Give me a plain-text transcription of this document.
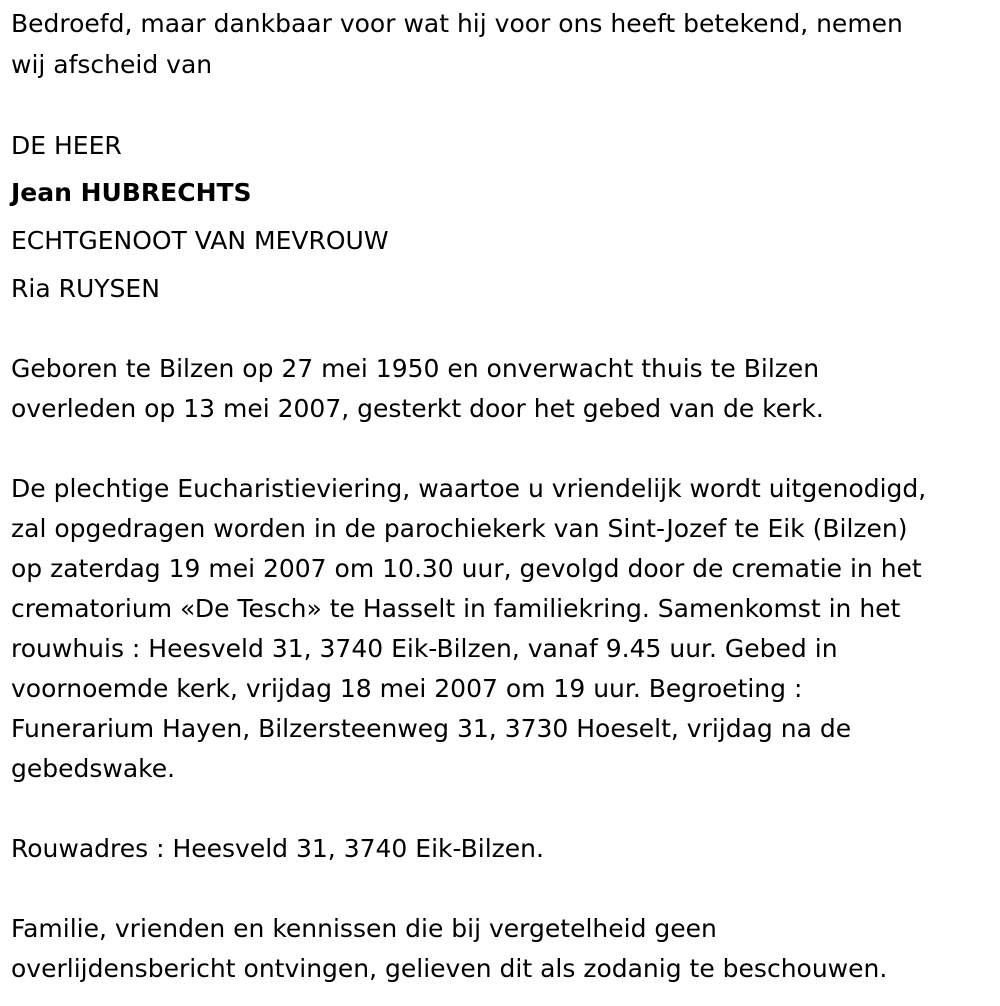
Bedroefd, maar dankbaar voor wat hij voor ons heeft betekend, nemen
wij afscheid van
DE HEER
Jean HUBRECHTS
ECHTGENOOT VAN MEVROUW
Ria RUYSEN
Geboren te Bilzen op 27 mei 1950 en onverwacht thuis te Bilzen
overleden op 13 mei 2007, gesterkt door het gebed van de kerk.
De plechtige Eucharistieviering, waartoe u vriendelijk wordt uitgenodigd,
zal opgedragen worden in de parochiekerk van Sint-Jozef te Eik (Bilzen)
op zaterdag 19 mei 2007 om 10.30 uur, gevolgd door de crematie in het
crematorium «De Tesch» te Hasselt in familiekring. Samenkomst in het
rouwhuis : Heesveld 31, 3740 Eik-Bilzen, vanaf 9.45 uur. Gebed in
voornoemde kerk, vrijdag 18 mei 2007 om 19 uur. Begroeting :
Funerarium Hayen, Bilzersteenweg 31, 3730 Hoeselt, vrijdag na de
gebedswake.
Rouwadres : Heesveld 31, 3740 Eik-Bilzen.
Familie, vrienden en kennissen die bij vergetelheid geen
overlijdensbericht ontvingen, gelieven dit als zodanig te beschouwen.
